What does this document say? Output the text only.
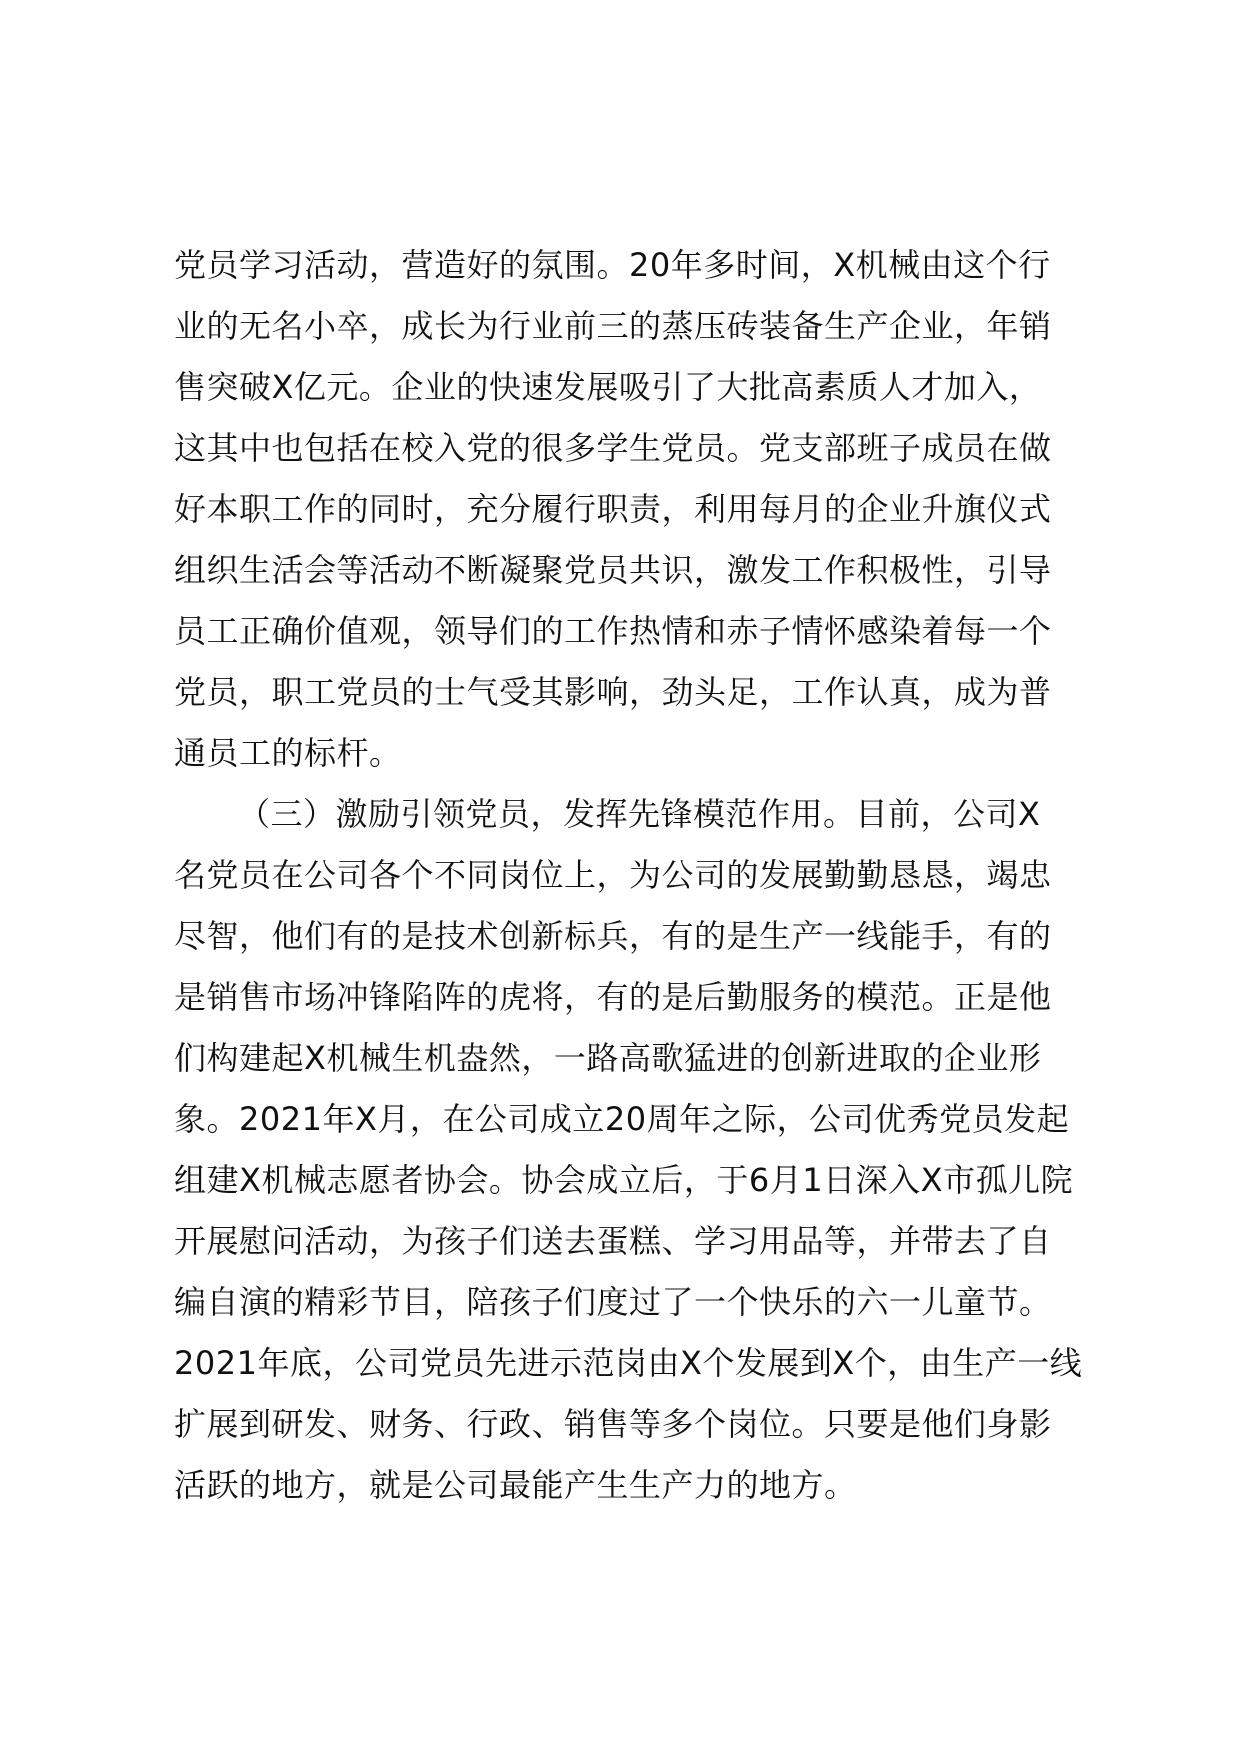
党员学习活动，营造好的氛围。20年多时间，X机械由这个行
业的无名小卒，成长为行业前三的蒸压砖装备生产企业，年销
售突破X亿元。企业的快速发展吸引了大批高素质人才加入，
这其中也包括在校入党的很多学生党员。党支部班子成员在做
好本职工作的同时，充分履行职责，利用每月的企业升旗仪式
组织生活会等活动不断凝聚党员共识，激发工作积极性，引导
员工正确价值观，领导们的工作热情和赤子情怀感染着每一个
党员，职工党员的士气受其影响，劲头足，工作认真，成为普
通员工的标杆。
（三）激励引领党员，发挥先锋模范作用。目前，公司X
名党员在公司各个不同岗位上，为公司的发展勤勤恳恳，竭忠
尽智，他们有的是技术创新标兵，有的是生产一线能手，有的
是销售市场冲锋陷阵的虎将，有的是后勤服务的模范。正是他
们构建起X机械生机盎然，一路高歌猛进的创新进取的企业形
象。2021年X月，在公司成立20周年之际，公司优秀党员发起
组建X机械志愿者协会。协会成立后，于6月1日深入X市孤儿院
开展慰问活动，为孩子们送去蛋糕、学习用品等，并带去了自
编自演的精彩节目，陪孩子们度过了一个快乐的六一儿童节。
2021年底，公司党员先进示范岗由X个发展到X个，由生产一线
扩展到研发、财务、行政、销售等多个岗位。只要是他们身影
活跃的地方，就是公司最能产生生产力的地方。
